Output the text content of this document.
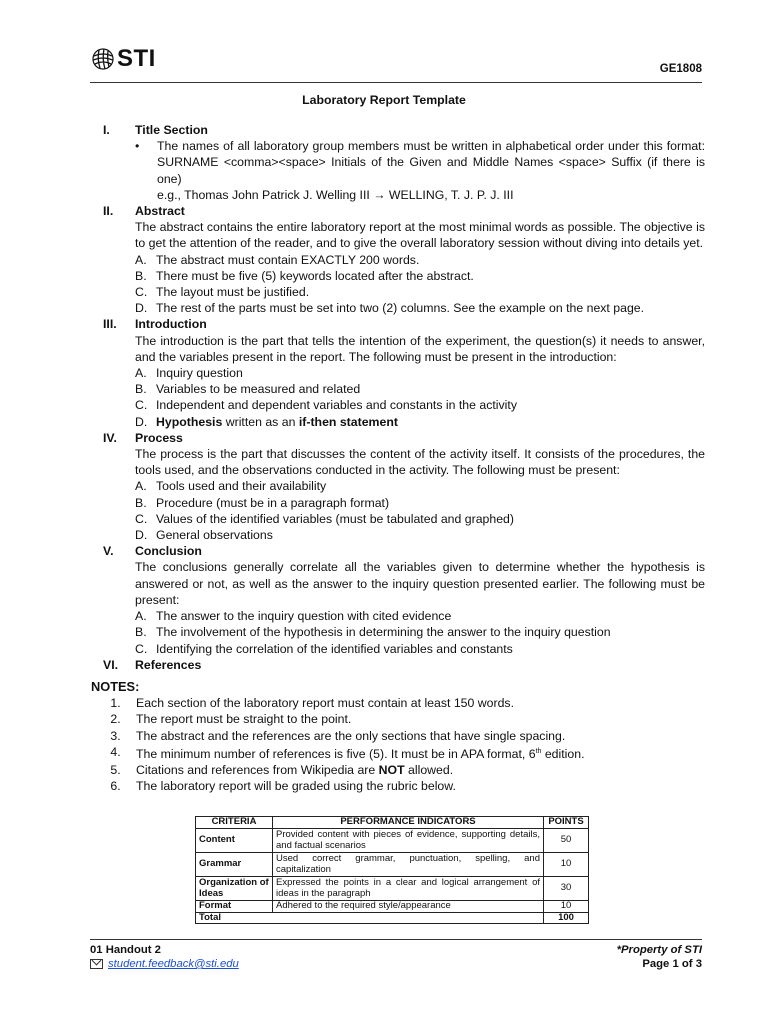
STI	GE1808
Laboratory Report Template
I. Title Section
•	The names of all laboratory group members must be written in alphabetical order under this format: SURNAME <comma><space> Initials of the Given and Middle Names <space> Suffix (if there is one)
e.g., Thomas John Patrick J. Welling III → WELLING, T. J. P. J. III
II. Abstract
The abstract contains the entire laboratory report at the most minimal words as possible. The objective is to get the attention of the reader, and to give the overall laboratory session without diving into details yet.
A. The abstract must contain EXACTLY 200 words.
B. There must be five (5) keywords located after the abstract.
C. The layout must be justified.
D. The rest of the parts must be set into two (2) columns. See the example on the next page.
III. Introduction
The introduction is the part that tells the intention of the experiment, the question(s) it needs to answer, and the variables present in the report. The following must be present in the introduction:
A. Inquiry question
B. Variables to be measured and related
C. Independent and dependent variables and constants in the activity
D. Hypothesis written as an if-then statement
IV. Process
The process is the part that discusses the content of the activity itself. It consists of the procedures, the tools used, and the observations conducted in the activity. The following must be present:
A. Tools used and their availability
B. Procedure (must be in a paragraph format)
C. Values of the identified variables (must be tabulated and graphed)
D. General observations
V. Conclusion
The conclusions generally correlate all the variables given to determine whether the hypothesis is answered or not, as well as the answer to the inquiry question presented earlier. The following must be present:
A. The answer to the inquiry question with cited evidence
B. The involvement of the hypothesis in determining the answer to the inquiry question
C. Identifying the correlation of the identified variables and constants
VI. References
NOTES:
1.	Each section of the laboratory report must contain at least 150 words.
2.	The report must be straight to the point.
3.	The abstract and the references are the only sections that have single spacing.
4.	The minimum number of references is five (5). It must be in APA format, 6th edition.
5.	Citations and references from Wikipedia are NOT allowed.
6.	The laboratory report will be graded using the rubric below.
CRITERIA	PERFORMANCE INDICATORS	POINTS
Content	Provided content with pieces of evidence, supporting details, and factual scenarios	50
Grammar	Used correct grammar, punctuation, spelling, and capitalization	10
Organization of Ideas	Expressed the points in a clear and logical arrangement of ideas in the paragraph	30
Format	Adhered to the required style/appearance	10
Total		100
01 Handout 2
student.feedback@sti.edu
*Property of STI
Page 1 of 3
